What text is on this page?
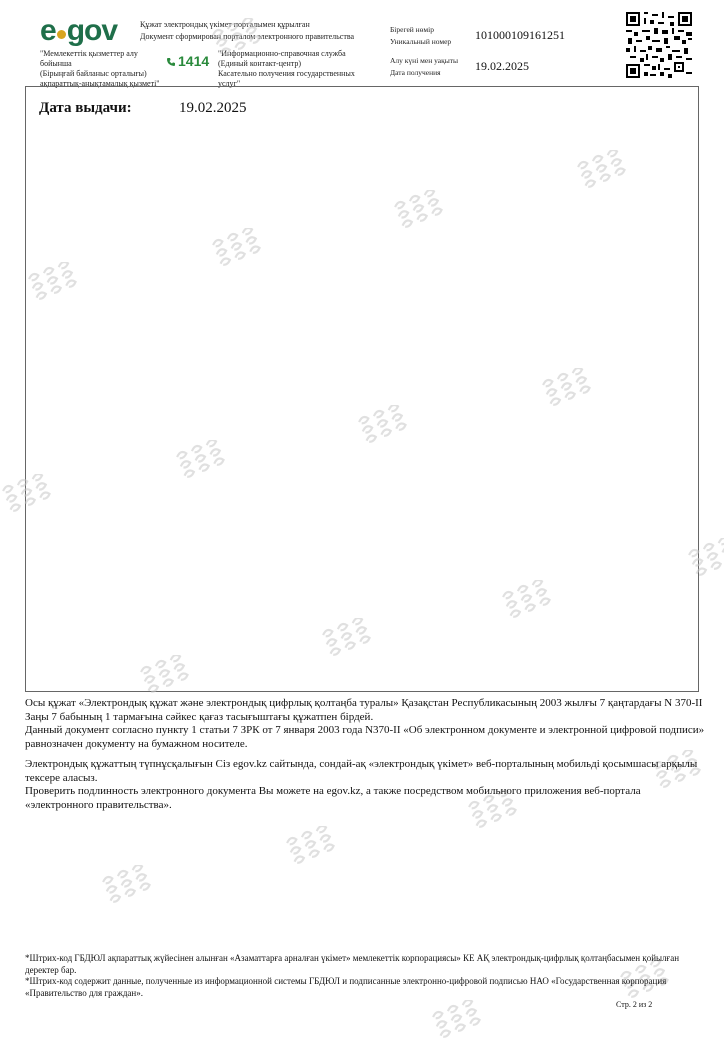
e gov	Құжат электрондық үкімет порталымен құрылған
Документ сформирован порталом электронного правительства
"Мемлекеттік қызметтер алу бойынша
(Бірыңғай байланыс орталығы)
ақпараттық-анықтамалық қызметі"
1414 "Информационно-справочная служба
(Единый контакт-центр)
Касательно получения государственных услуг"
Бірегей нөмір
Уникальный номер 101000109161251
Алу күні мен уақыты
Дата получения	19.02.2025
Дата выдачи:	19.02.2025
Осы құжат «Электрондық құжат және электрондық цифрлық қолтаңба туралы» Қазақстан Республикасының 2003 жылғы 7 қаңтардағы N 370-II Заңы 7 бабының 1 тармағына сәйкес қағаз тасығыштағы құжатпен бірдей.
Данный документ согласно пункту 1 статьи 7 ЗРК от 7 января 2003 года N370-II «Об электронном документе и электронной цифровой подписи» равнозначен документу на бумажном носителе.
Электрондық құжаттың түпнұсқалығын Сіз egov.kz сайтында, сондай-ақ «электрондық үкімет» веб-порталының мобильді қосымшасы арқылы тексере аласыз.
Проверить подлинность электронного документа Вы можете на egov.kz, а также посредством мобильного приложения веб-портала «электронного правительства».
*Штрих-код ГБДЮЛ ақпараттық жүйесінен алынған «Азаматтарға арналған үкімет» мемлекеттік корпорациясы» КЕ АҚ электрондық-цифрлық қолтаңбасымен қойылған деректер бар.
*Штрих-код содержит данные, полученные из информационной системы ГБДЮЛ и подписанные электронно-цифровой подписью НАО «Государственная корпорация «Правительство для граждан».
Стр. 2 из 2
